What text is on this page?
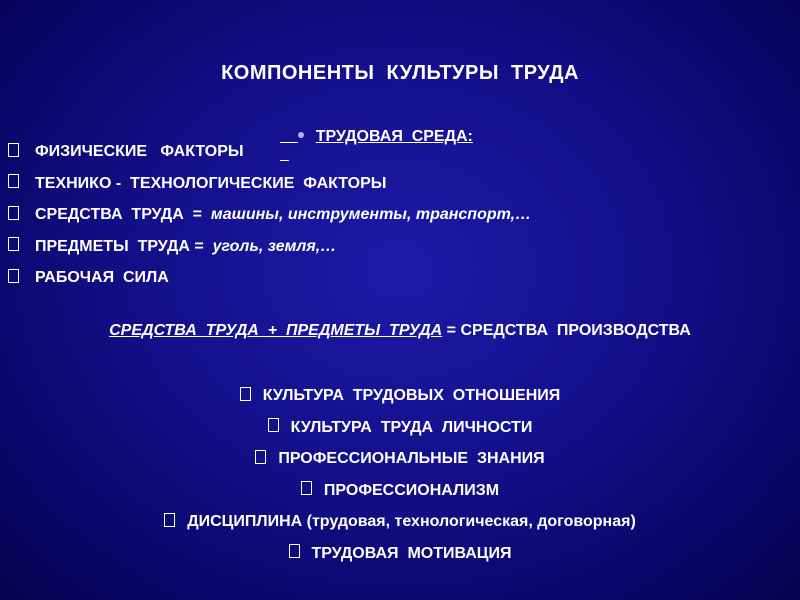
КОМПОНЕНТЫ  КУЛЬТУРЫ  ТРУДА

ТРУДОВАЯ  СРЕДА:

ФИЗИЧЕСКИЕ   ФАКТОРЫ
ТЕХНИКО -  ТЕХНОЛОГИЧЕСКИЕ  ФАКТОРЫ
СРЕДСТВА  ТРУДА  =  машины, инструменты, транспорт,…
ПРЕДМЕТЫ  ТРУДА =  уголь, земля,…
РАБОЧАЯ  СИЛА
СРЕДСТВА  ТРУДА  +  ПРЕДМЕТЫ  ТРУДА = СРЕДСТВА  ПРОИЗВОДСТВА
КУЛЬТУРА  ТРУДОВЫХ  ОТНОШЕНИЯ
КУЛЬТУРА  ТРУДА  ЛИЧНОСТИ
ПРОФЕССИОНАЛЬНЫЕ  ЗНАНИЯ
ПРОФЕССИОНАЛИЗМ
ДИСЦИПЛИНА (трудовая, технологическая, договорная)
ТРУДОВАЯ  МОТИВАЦИЯ
